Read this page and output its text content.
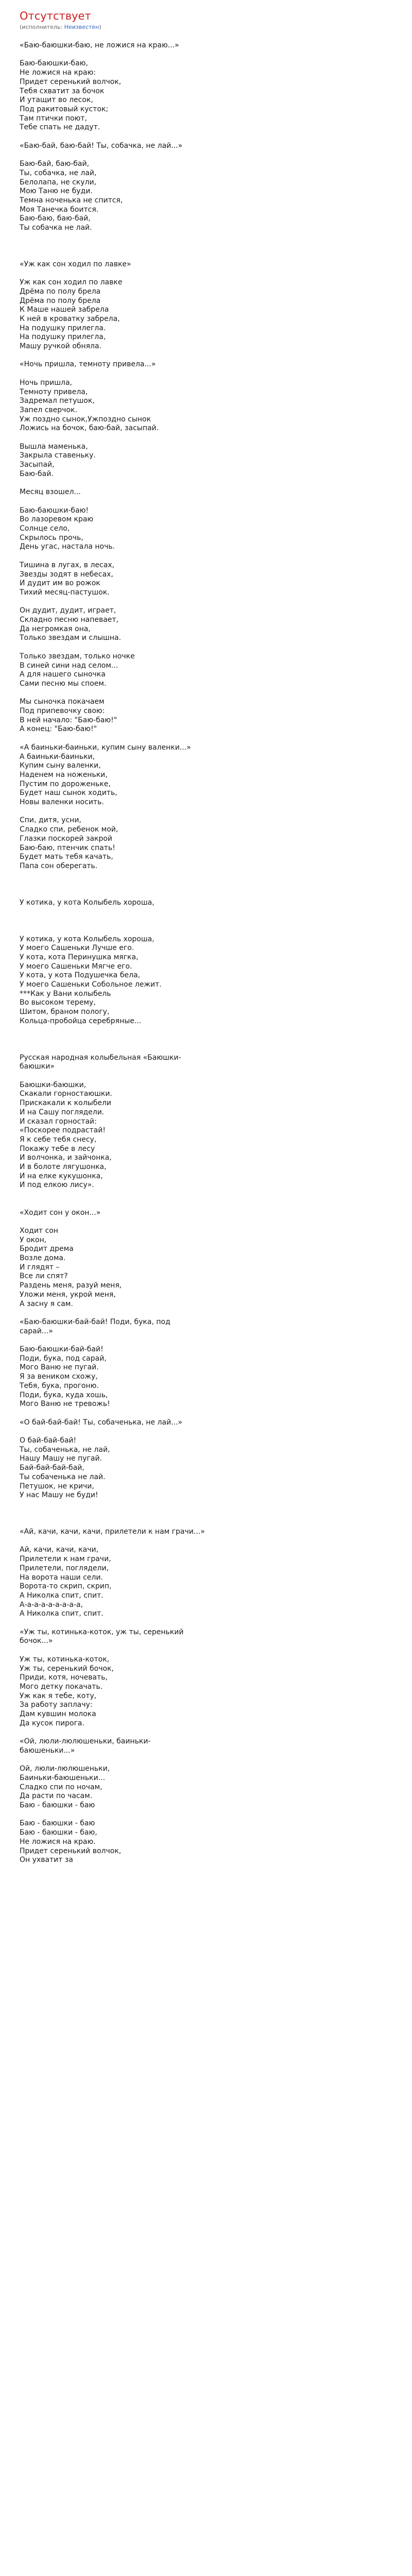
Отсутствует
(исполнитель: Неизвестен)
«Баю-баюшки-баю, не ложися на краю...»
Баю-баюшки-баю,
Не ложися на краю:
Придет серенький волчок,
Тебя схватит за бочок
И утащит во лесок,
Под ракитовый кусток;
Там птички поют,
Тебе спать не дадут.
«Баю-бай, баю-бай! Ты, собачка, не лай...»
Баю-бай, баю-бай,
Ты, собачка, не лай,
Белолапа, не скули,
Мою Таню не буди.
Темна ноченька не спится,
Моя Танечка боится.
Баю-баю, баю-бай,
Ты собачка не лай.
«Уж как сон ходил по лавке»
Уж как сон ходил по лавке
Дрёма по полу брела
Дрёма по полу брела
К Маше нашей забрела
К ней в кроватку забрела,
На подушку прилегла.
На подушку прилегла,
Машу ручкой обняла.
«Ночь пришла, темноту привела...»
Ночь пришла,
Темноту привела,
Задремал петушок,
Запел сверчок.
Уж поздно сынок,Ужпоздно сынок
Ложись на бочок, баю-бай, засыпай.
Вышла маменька,
Закрыла ставеньку.
Засыпай,
Баю-бай.
Месяц взошел...
Баю-баюшки-баю!
Во лазоревом краю
Солнце село,
Скрылось прочь,
День угас, настала ночь.
Тишина в лугах, в лесах,
Звезды зодят в небесах,
И дудит им во рожок
Тихий месяц-пастушок.
Он дудит, дудит, играет,
Складно песню напевает,
Да негромкая она,
Только звездам и слышна.
Только звездам, только ночке
В синей сини над селом...
А для нашего сыночка
Сами песню мы споем.
Мы сыночка покачаем
Под припевочку свою:
В ней начало: "Баю-баю!"
А конец: "Баю-баю!"
«А баиньки-баиньки, купим сыну валенки...»
А баиньки-баиньки,
Купим сыну валенки,
Наденем на ноженьки,
Пустим по дороженьке,
Будет наш сынок ходить,
Новы валенки носить.
Спи, дитя, усни,
Сладко спи, ребенок мой,
Глазки поскорей закрой
Баю-баю, птенчик спать!
Будет мать тебя качать,
Папа сон оберегать.
У котика, у кота Колыбель хороша,
У котика, у кота Колыбель хороша,
У моего Сашеньки Лучше его.
У кота, кота Перинушка мягка,
У моего Сашеньки Мягче его.
У кота, у кота Подушечка бела,
У моего Сашеньки Собольное лежит.
***Как у Вани колыбель
Во высоком терему,
Шитом, браном пологу,
Кольца-пробойца серебряные...
Русская народная колыбельная «Баюшки-баюшки»
Баюшки-баюшки,
Скакали горностаюшки.
Прискакали к колыбели
И на Сашу поглядели.
И сказал горностай:
«Поскорее подрастай!
Я к себе тебя снесу,
Покажу тебе в лесу
И волчонка, и зайчонка,
И в болоте лягушонка,
И на елке кукушонка,
И под елкою лису».
«Ходит сон у окон...»
Ходит сон
У окон,
Бродит дрема
Возле дома.
И глядят –
Все ли спят?
Раздень меня, разуй меня,
Уложи меня, укрой меня,
А засну я сам.
«Баю-баюшки-бай-бай! Поди, бука, под сарай...»
Баю-баюшки-бай-бай!
Поди, бука, под сарай,
Мого Ваню не пугай.
Я за веником схожу,
Тебя, бука, прогоню.
Поди, бука, куда хошь,
Мого Ваню не тревожь!
«О бай-бай-бай! Ты, собаченька, не лай...»
О бай-бай-бай!
Ты, собаченька, не лай,
Нашу Машу не пугай.
Бай-бай-бай-бай,
Ты собаченька не лай.
Петушок, не кричи,
У нас Машу не буди!
«Ай, качи, качи, качи, прилетели к нам грачи...»
Ай, качи, качи, качи,
Прилетели к нам грачи,
Прилетели, поглядели,
На ворота наши сели.
Ворота-то скрип, скрип,
А Николка спит, спит.
А-а-а-а-а-а-а-а-а,
А Николка спит, спит.
«Уж ты, котинька-коток, уж ты, серенький бочок...»
Уж ты, котинька-коток,
Уж ты, серенький бочок,
Приди, котя, ночевать,
Мого детку покачать.
Уж как я тебе, коту,
За работу заплачу:
Дам кувшин молока
Да кусок пирога.
«Ой, люли-люлюшеньки, баиньки-баюшеньки...»
Ой, люли-люлюшеньки,
Баиньки-баюшеньки...
Сладко спи по ночам,
Да расти по часам.
Баю - баюшки - баю
Баю - баюшки - баю
Баю - баюшки - баю,
Не ложися на краю.
Придет серенький волчок,
Он ухватит за
